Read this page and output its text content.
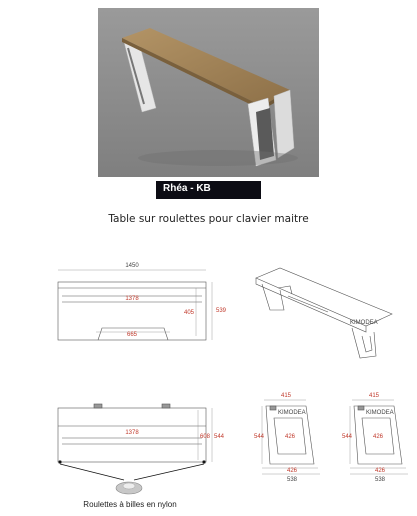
Rhéa - KB
Table sur roulettes pour clavier maitre
1450
1378
539
405
665
KIMODEA
1378
544
608
415
544	426
426
538
KIMODEA
415
544	426
426
538
KIMODEA
Roulettes à billes en nylon
